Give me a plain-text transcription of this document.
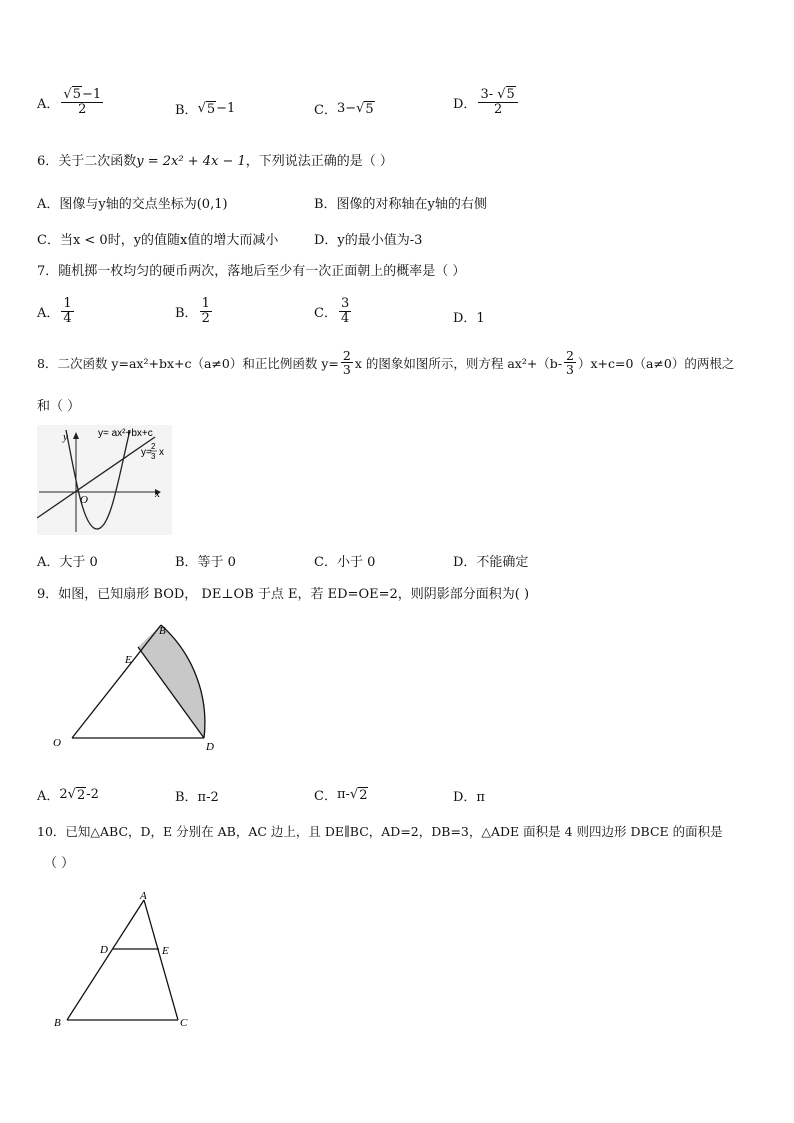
A． $\frac{√5-1}{2}$	B． √ 5 −1	C． 3− √ 5	D． $\frac{3- √5}{2}$
6．关于二次函数y = 2x² + 4x − 1，下列说法正确的是（ ）
A．图像与y轴的交点坐标为(0,1)	B．图像的对称轴在y轴的右侧
C．当x < 0时，y的值随x值的增大而减小	D．y的最小值为-3
7．随机掷一枚均匀的硬币两次，落地后至少有一次正面朝上的概率是（ ）
A． $\frac{1}{4}$	B． $\frac{1}{2}$	C． $\frac{3}{4}$	D．1
8．二次函数 y=ax²+bx+c（a≠0）和正比例函数 $y= \frac{2}{3}$ x 的图象如图所示，则方程 $ax^2+(b- \frac{2}{3} )x+c=0(a\ne 0)$的两根之
和（ ）
y
x
O
y= ax²+bx+c
y=
2
3 x
A．大于 0	B．等于 0	C．小于 0	D．不能确定
9．如图，已知扇形 BOD， DE⊥OB 于点 E，若 ED=OE=2，则阴影部分面积为( )
B
E
O	D
A． 2 √ 2 -2	B．π-2	C． π- √ 2	D．π
10．已知△ABC，D，E 分别在 AB，AC 边上，且 DE∥BC，AD=2，DB=3，△ADE 面积是 4 则四边形 DBCE 的面积是
（ ）
A
D	E
B	C
